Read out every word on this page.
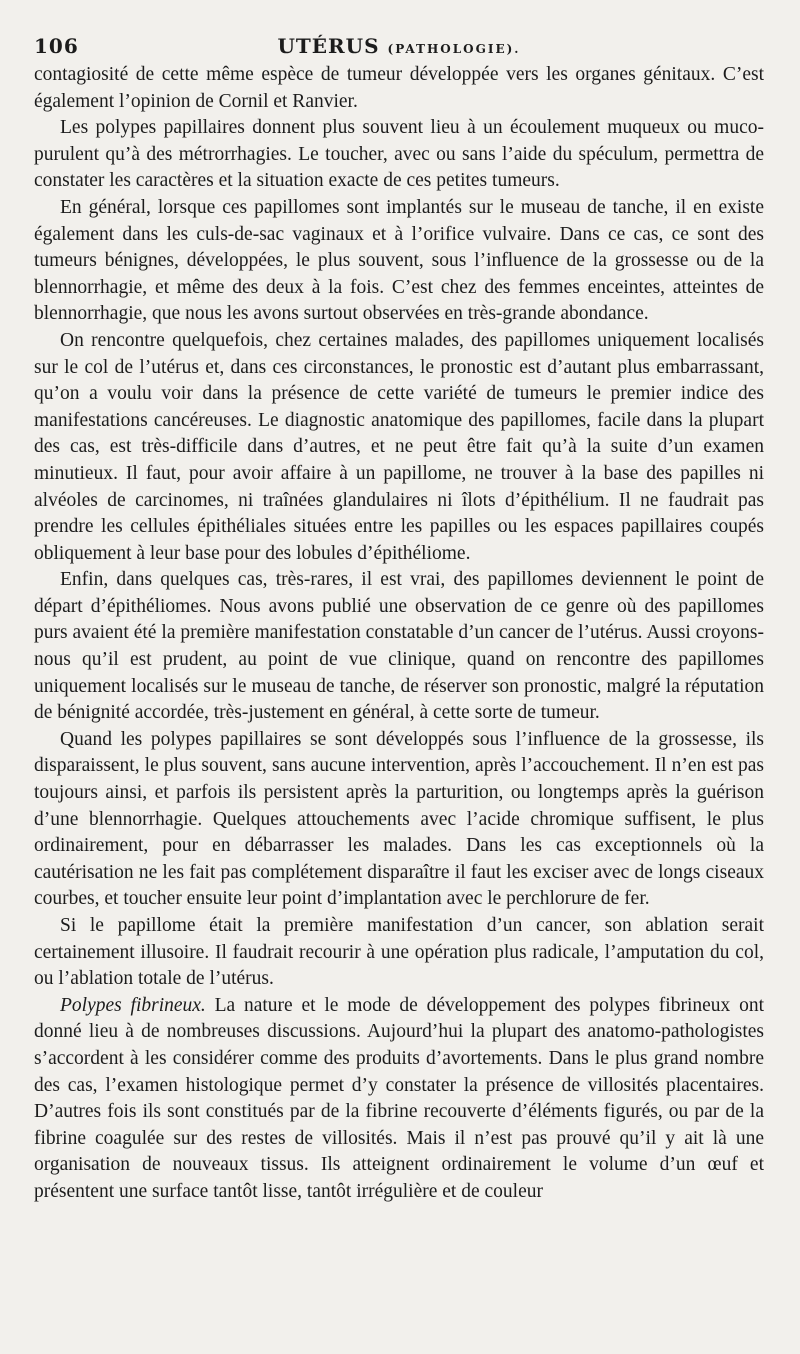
106	UTÉRUS (PATHOLOGIE).

contagiosité de cette même espèce de tumeur développée vers les organes génitaux. C’est également l’opinion de Cornil et Ranvier.

Les polypes papillaires donnent plus souvent lieu à un écoulement muqueux ou muco-purulent qu’à des métrorrhagies. Le toucher, avec ou sans l’aide du spéculum, permettra de constater les caractères et la situation exacte de ces petites tumeurs.

En général, lorsque ces papillomes sont implantés sur le museau de tanche, il en existe également dans les culs-de-sac vaginaux et à l’orifice vulvaire. Dans ce cas, ce sont des tumeurs bénignes, développées, le plus souvent, sous l’influence de la grossesse ou de la blennorrhagie, et même des deux à la fois. C’est chez des femmes enceintes, atteintes de blennorrhagie, que nous les avons surtout observées en très-grande abondance.

On rencontre quelquefois, chez certaines malades, des papillomes uniquement localisés sur le col de l’utérus et, dans ces circonstances, le pronostic est d’autant plus embarrassant, qu’on a voulu voir dans la présence de cette variété de tumeurs le premier indice des manifestations cancéreuses. Le diagnostic anatomique des papillomes, facile dans la plupart des cas, est très-difficile dans d’autres, et ne peut être fait qu’à la suite d’un examen minutieux. Il faut, pour avoir affaire à un papillome, ne trouver à la base des papilles ni alvéoles de carcinomes, ni traînées glandulaires ni îlots d’épithélium. Il ne faudrait pas prendre les cellules épithéliales situées entre les papilles ou les espaces papillaires coupés obliquement à leur base pour des lobules d’épithéliome.

Enfin, dans quelques cas, très-rares, il est vrai, des papillomes deviennent le point de départ d’épithéliomes. Nous avons publié une observation de ce genre où des papillomes purs avaient été la première manifestation constatable d’un cancer de l’utérus. Aussi croyons-nous qu’il est prudent, au point de vue clinique, quand on rencontre des papillomes uniquement localisés sur le museau de tanche, de réserver son pronostic, malgré la réputation de bénignité accordée, très-justement en général, à cette sorte de tumeur.

Quand les polypes papillaires se sont développés sous l’influence de la grossesse, ils disparaissent, le plus souvent, sans aucune intervention, après l’accouchement. Il n’en est pas toujours ainsi, et parfois ils persistent après la parturition, ou longtemps après la guérison d’une blennorrhagie. Quelques attouchements avec l’acide chromique suffisent, le plus ordinairement, pour en débarrasser les malades. Dans les cas exceptionnels où la cautérisation ne les fait pas complétement disparaître il faut les exciser avec de longs ciseaux courbes, et toucher ensuite leur point d’implantation avec le perchlorure de fer.

Si le papillome était la première manifestation d’un cancer, son ablation serait certainement illusoire. Il faudrait recourir à une opération plus radicale, l’amputation du col, ou l’ablation totale de l’utérus.

Polypes fibrineux. La nature et le mode de développement des polypes fibrineux ont donné lieu à de nombreuses discussions. Aujourd’hui la plupart des anatomo-pathologistes s’accordent à les considérer comme des produits d’avortements. Dans le plus grand nombre des cas, l’examen histologique permet d’y constater la présence de villosités placentaires. D’autres fois ils sont constitués par de la fibrine recouverte d’éléments figurés, ou par de la fibrine coagulée sur des restes de villosités. Mais il n’est pas prouvé qu’il y ait là une organisation de nouveaux tissus. Ils atteignent ordinairement le volume d’un œuf et présentent une surface tantôt lisse, tantôt irrégulière et de couleur
